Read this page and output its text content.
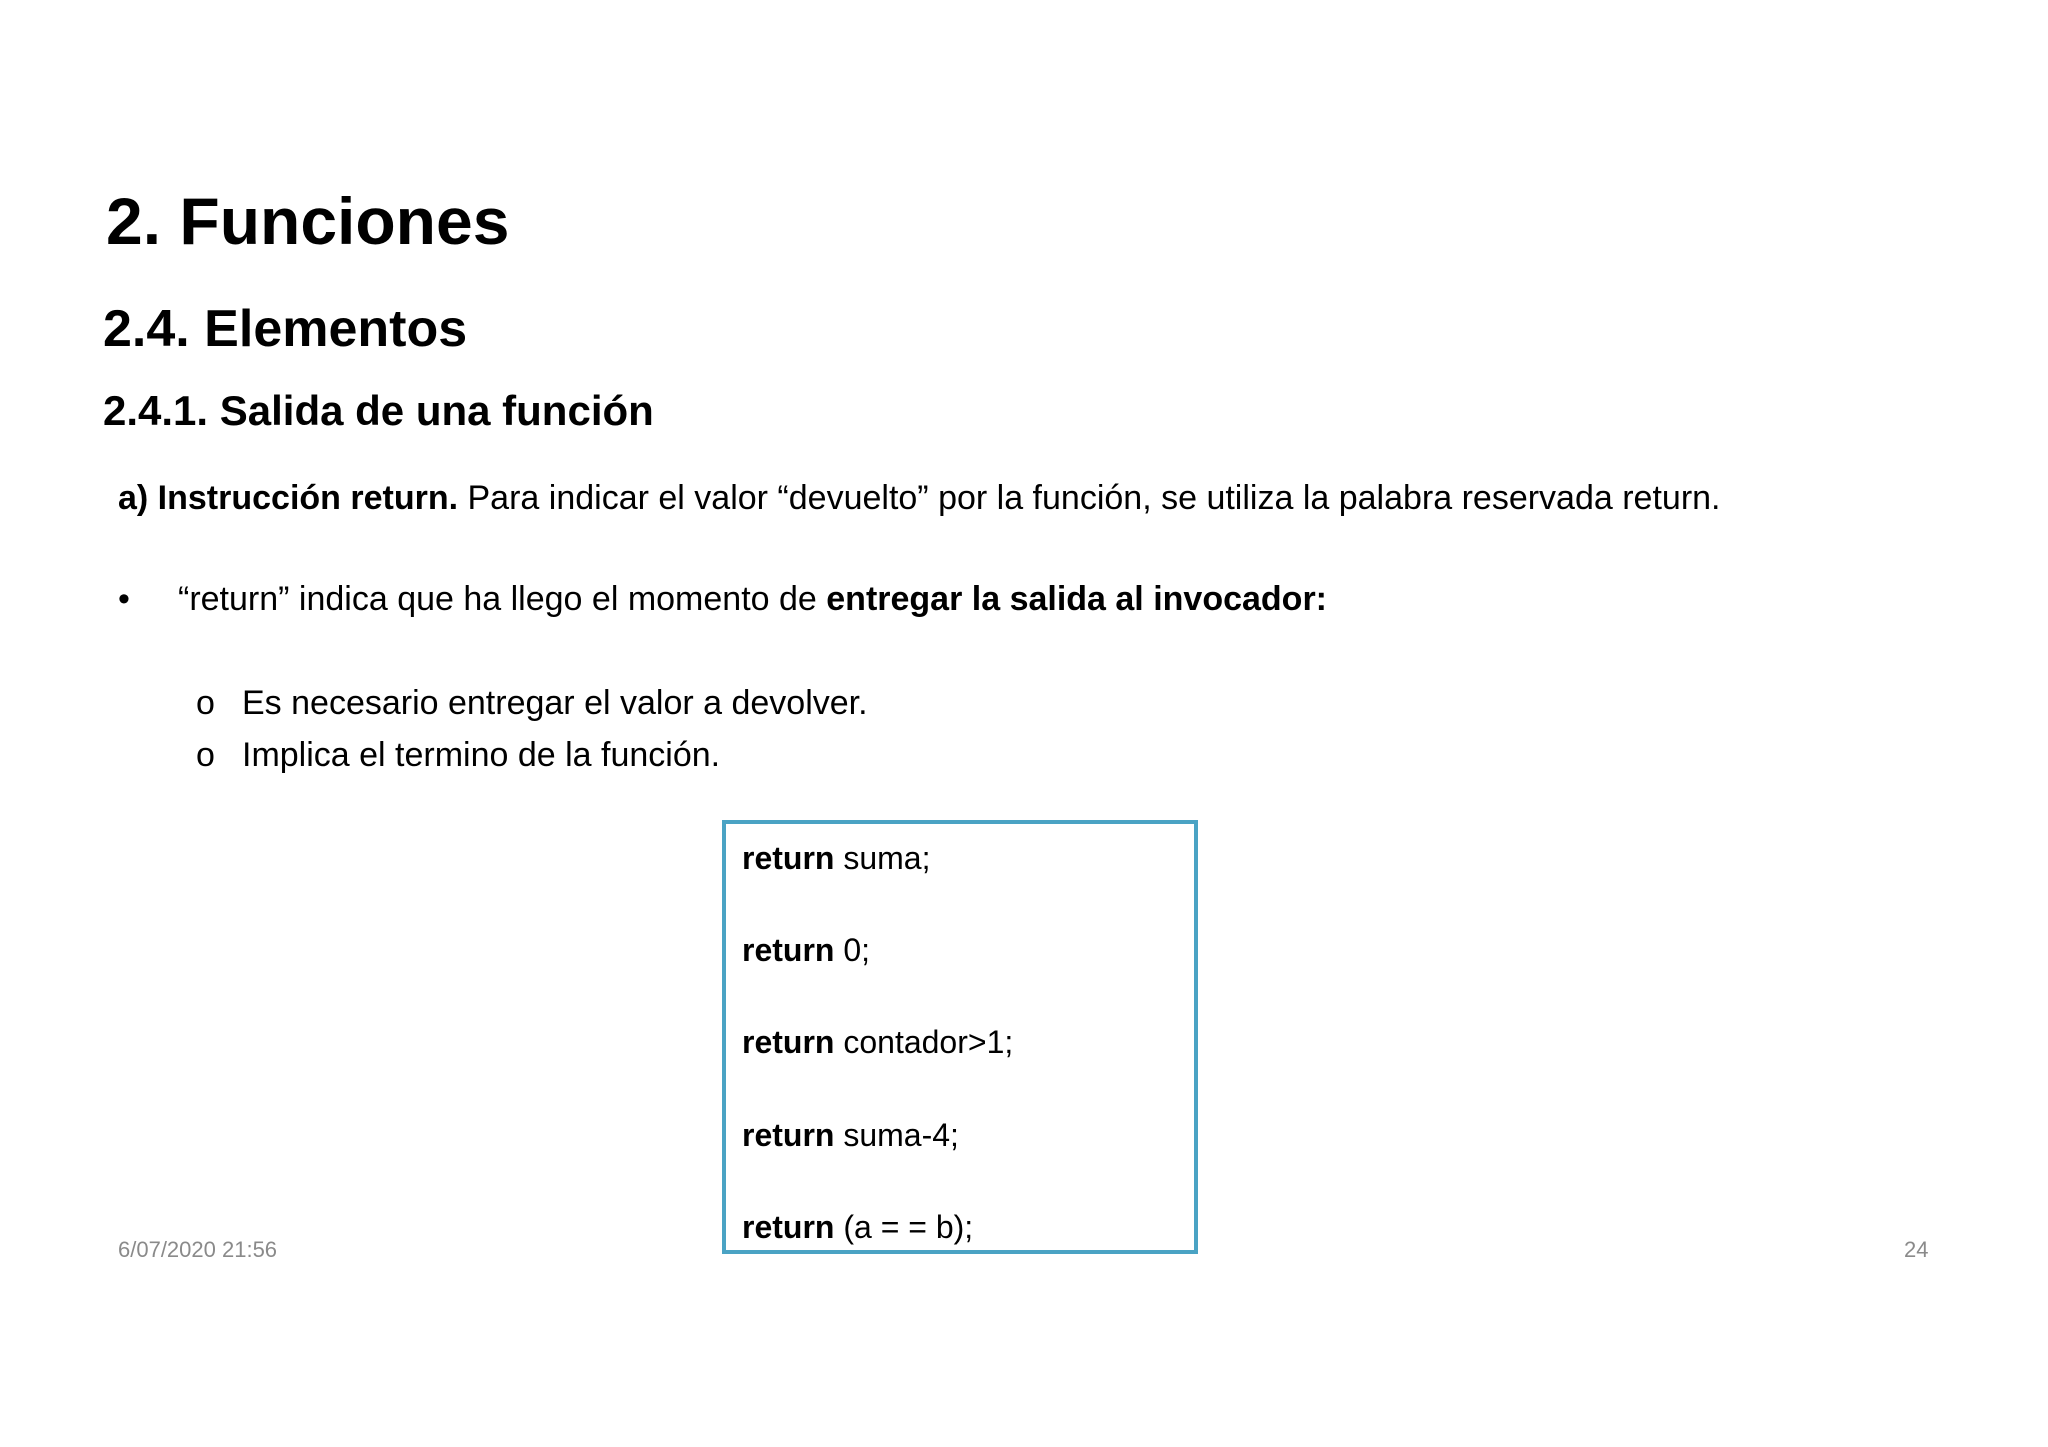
2. Funciones
2.4. Elementos
2.4.1. Salida de una función
a) Instrucción return. Para indicar el valor “devuelto” por la función, se utiliza la palabra reservada return.
• “return” indica que ha llego el momento de entregar la salida al invocador:
o Es necesario entregar el valor a devolver.
o Implica el termino de la función.
return suma;
return 0;
return contador>1;
return suma-4;
return (a = = b);
6/07/2020 21:56	24
